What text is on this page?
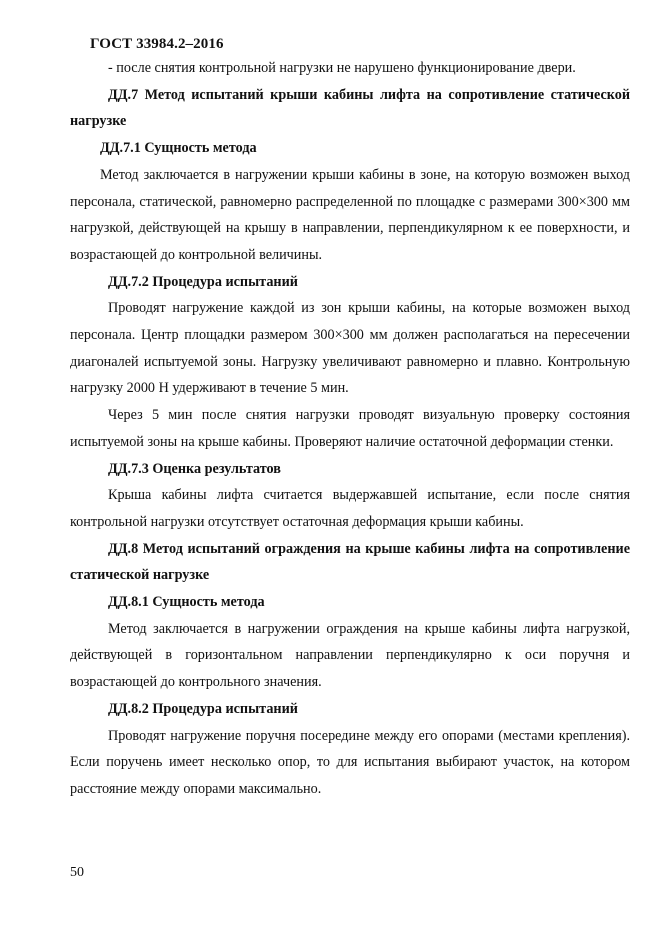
ГОСТ 33984.2–2016

- после снятия контрольной нагрузки не нарушено функционирование двери.

ДД.7 Метод испытаний крыши кабины лифта на сопротивление статической нагрузке

ДД.7.1 Сущность метода

Метод заключается в нагружении крыши кабины в зоне, на которую возможен выход персонала, статической, равномерно распределенной по площадке с размерами 300×300 мм нагрузкой, действующей на крышу в направлении, перпендикулярном к ее поверхности, и возрастающей до контрольной величины.

ДД.7.2 Процедура испытаний

Проводят нагружение каждой из зон крыши кабины, на которые возможен выход персонала. Центр площадки размером 300×300 мм должен располагаться на пересечении диагоналей испытуемой зоны. Нагрузку увеличивают равномерно и плавно. Контрольную нагрузку 2000 Н удерживают в течение 5 мин.

Через 5 мин после снятия нагрузки проводят визуальную проверку состояния испытуемой зоны на крыше кабины. Проверяют наличие остаточной деформации стенки.

ДД.7.3 Оценка результатов

Крыша кабины лифта считается выдержавшей испытание, если после снятия контрольной нагрузки отсутствует остаточная деформация крыши кабины.

ДД.8 Метод испытаний ограждения на крыше кабины лифта на сопротивление статической нагрузке

ДД.8.1 Сущность метода

Метод заключается в нагружении ограждения на крыше кабины лифта нагрузкой, действующей в горизонтальном направлении перпендикулярно к оси поручня и возрастающей до контрольного значения.

ДД.8.2 Процедура испытаний

Проводят нагружение поручня посередине между его опорами (местами крепления). Если поручень имеет несколько опор, то для испытания выбирают участок, на котором расстояние между опорами максимально.

50
